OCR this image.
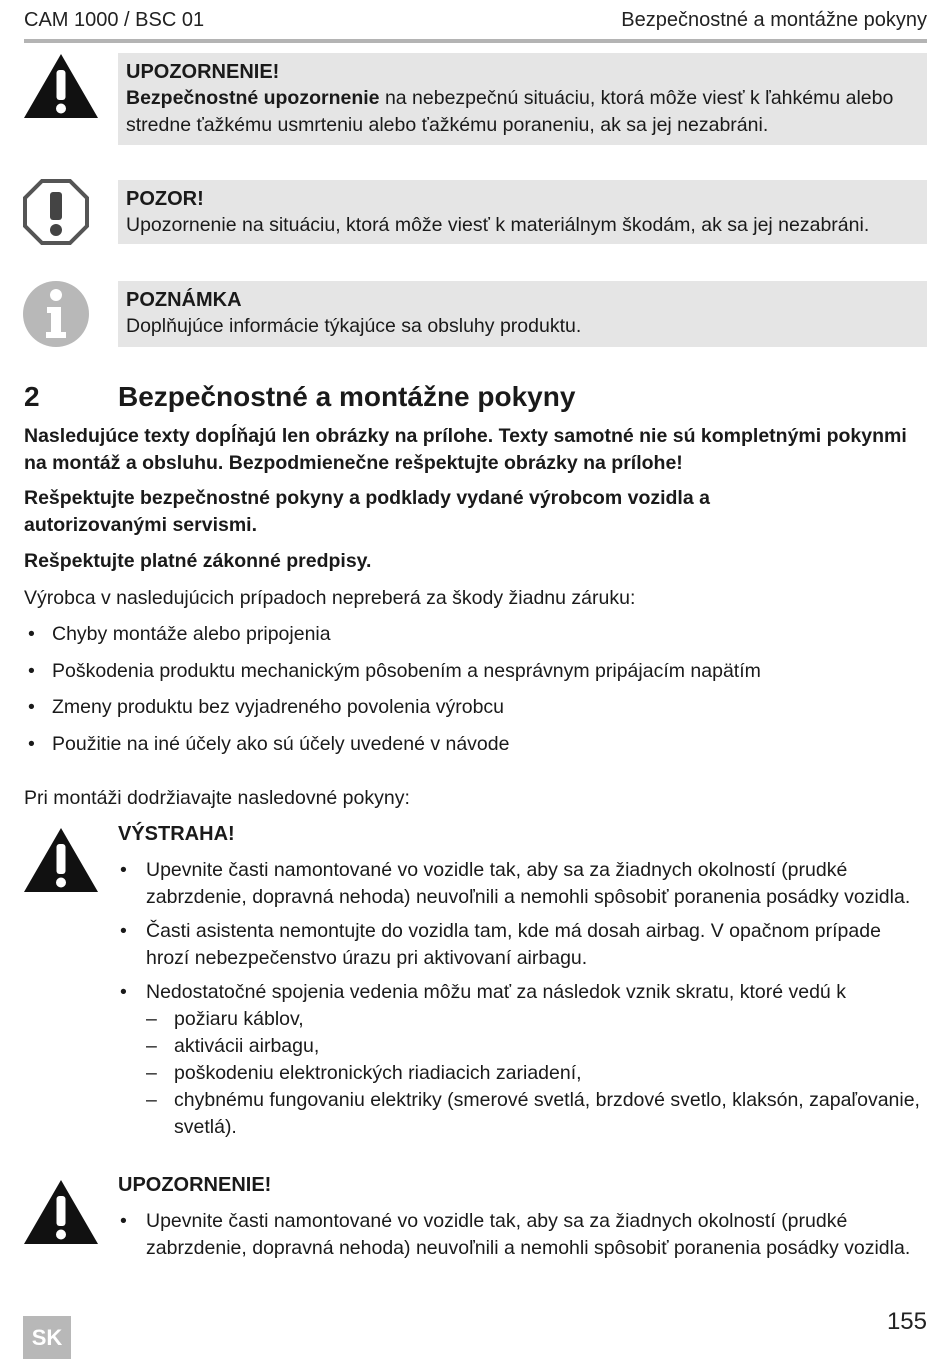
CAM 1000 / BSC 01	Bezpečnostné a montážne pokyny
UPOZORNENIE!
Bezpečnostné upozornenie na nebezpečnú situáciu, ktorá môže viesť k ľahkému alebo stredne ťažkému usmrteniu alebo ťažkému poraneniu, ak sa jej nezabráni.
POZOR!
Upozornenie na situáciu, ktorá môže viesť k materiálnym škodám, ak sa jej nezabráni.
POZNÁMKA
Doplňujúce informácie týkajúce sa obsluhy produktu.
2	Bezpečnostné a montážne pokyny
Nasledujúce texty dopĺňajú len obrázky na prílohe. Texty samotné nie sú kompletnými pokynmi na montáž a obsluhu. Bezpodmienečne rešpektujte obrázky na prílohe!
Rešpektujte bezpečnostné pokyny a podklady vydané výrobcom vozidla a autorizovanými servismi.
Rešpektujte platné zákonné predpisy.
Výrobca v nasledujúcich prípadoch nepreberá za škody žiadnu záruku:
• Chyby montáže alebo pripojenia
• Poškodenia produktu mechanickým pôsobením a nesprávnym pripájacím napätím
• Zmeny produktu bez vyjadreného povolenia výrobcu
• Použitie na iné účely ako sú účely uvedené v návode
Pri montáži dodržiavajte nasledovné pokyny:
VÝSTRAHA!
• Upevnite časti namontované vo vozidle tak, aby sa za žiadnych okolností (prudké zabrzdenie, dopravná nehoda) neuvoľnili a nemohli spôsobiť poranenia posádky vozidla.
• Časti asistenta nemontujte do vozidla tam, kde má dosah airbag. V opačnom prípade hrozí nebezpečenstvo úrazu pri aktivovaní airbagu.
• Nedostatočné spojenia vedenia môžu mať za následok vznik skratu, ktoré vedú k
– požiaru káblov,
– aktivácii airbagu,
– poškodeniu elektronických riadiacich zariadení,
– chybnému fungovaniu elektriky (smerové svetlá, brzdové svetlo, klaksón, zapaľovanie, svetlá).
UPOZORNENIE!
• Upevnite časti namontované vo vozidle tak, aby sa za žiadnych okolností (prudké zabrzdenie, dopravná nehoda) neuvoľnili a nemohli spôsobiť poranenia posádky vozidla.
SK
155
